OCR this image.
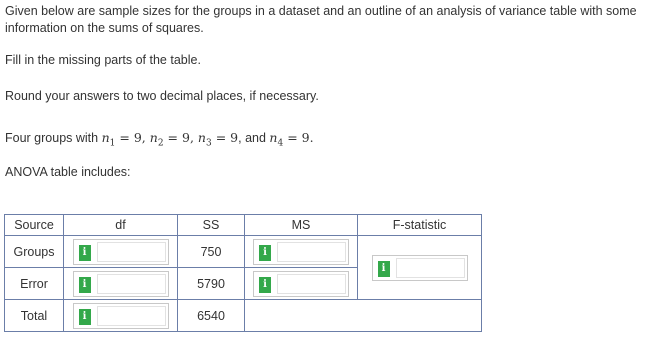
Given below are sample sizes for the groups in a dataset and an outline of an analysis of variance table with some
information on the sums of squares.

Fill in the missing parts of the table.

Round your answers to two decimal places, if necessary.

Four groups with $n_1 = 9$, $n_2 = 9$, $n_3 = 9$, and $n_4 = 9$.

ANOVA table includes:

Source	df	SS	MS	F-statistic
Groups	i	750	i	i

Error	i	5790	i	

Total	i	6540		
